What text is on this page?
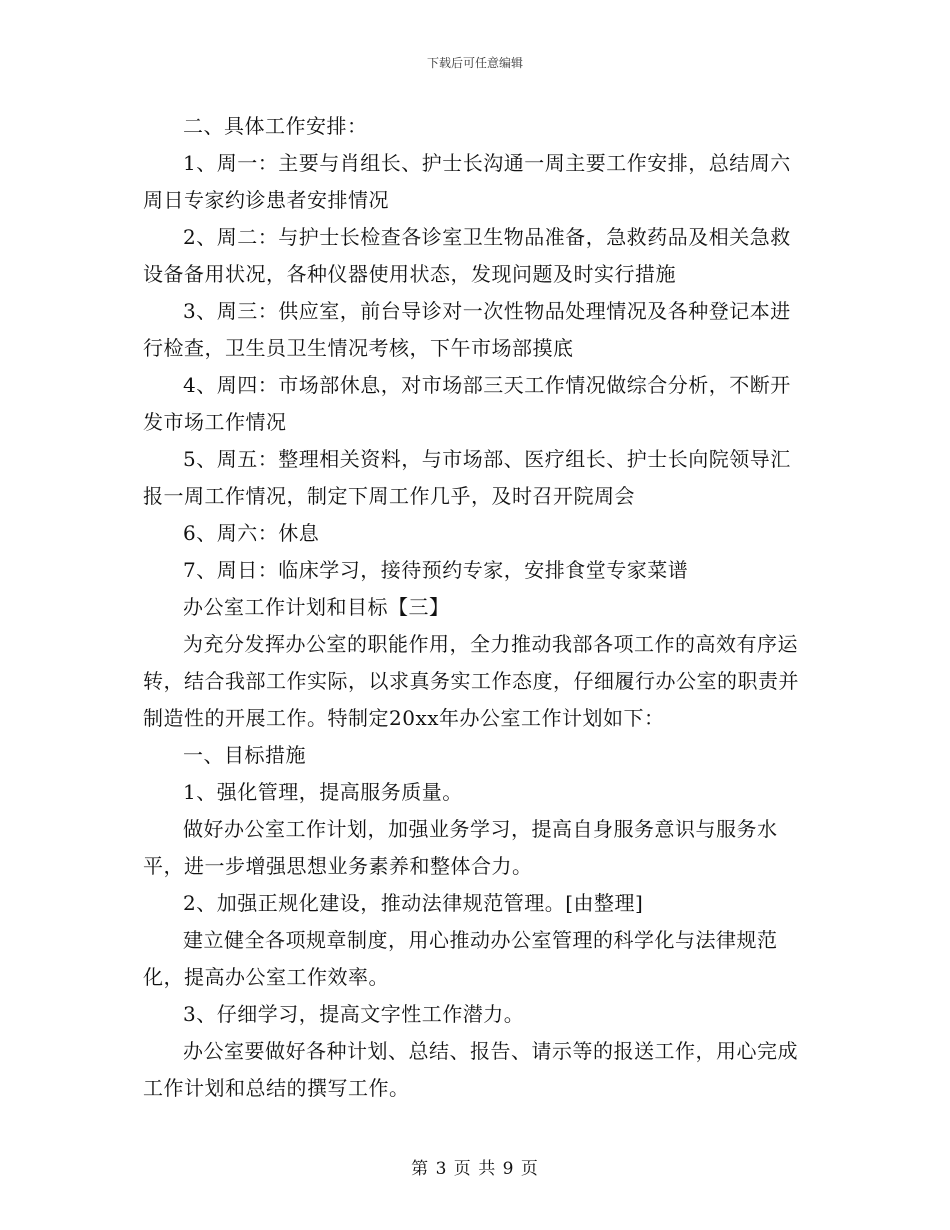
下载后可任意编辑

二、具体工作安排：

1、周一：主要与肖组长、护士长沟通一周主要工作安排，总结周六周日专家约诊患者安排情况

2、周二：与护士长检查各诊室卫生物品准备，急救药品及相关急救设备备用状况，各种仪器使用状态，发现问题及时实行措施

3、周三：供应室，前台导诊对一次性物品处理情况及各种登记本进行检查，卫生员卫生情况考核，下午市场部摸底

4、周四：市场部休息，对市场部三天工作情况做综合分析，不断开发市场工作情况

5、周五：整理相关资料，与市场部、医疗组长、护士长向院领导汇报一周工作情况，制定下周工作几乎，及时召开院周会

6、周六：休息

7、周日：临床学习，接待预约专家，安排食堂专家菜谱

办公室工作计划和目标【三】

为充分发挥办公室的职能作用，全力推动我部各项工作的高效有序运转，结合我部工作实际，以求真务实工作态度，仔细履行办公室的职责并制造性的开展工作。特制定20xx年办公室工作计划如下：

一、目标措施

1、强化管理，提高服务质量。

做好办公室工作计划，加强业务学习，提高自身服务意识与服务水平，进一步增强思想业务素养和整体合力。

2、加强正规化建设，推动法律规范管理。[由整理]

建立健全各项规章制度，用心推动办公室管理的科学化与法律规范化，提高办公室工作效率。

3、仔细学习，提高文字性工作潜力。

办公室要做好各种计划、总结、报告、请示等的报送工作，用心完成工作计划和总结的撰写工作。

第 3 页 共 9 页
